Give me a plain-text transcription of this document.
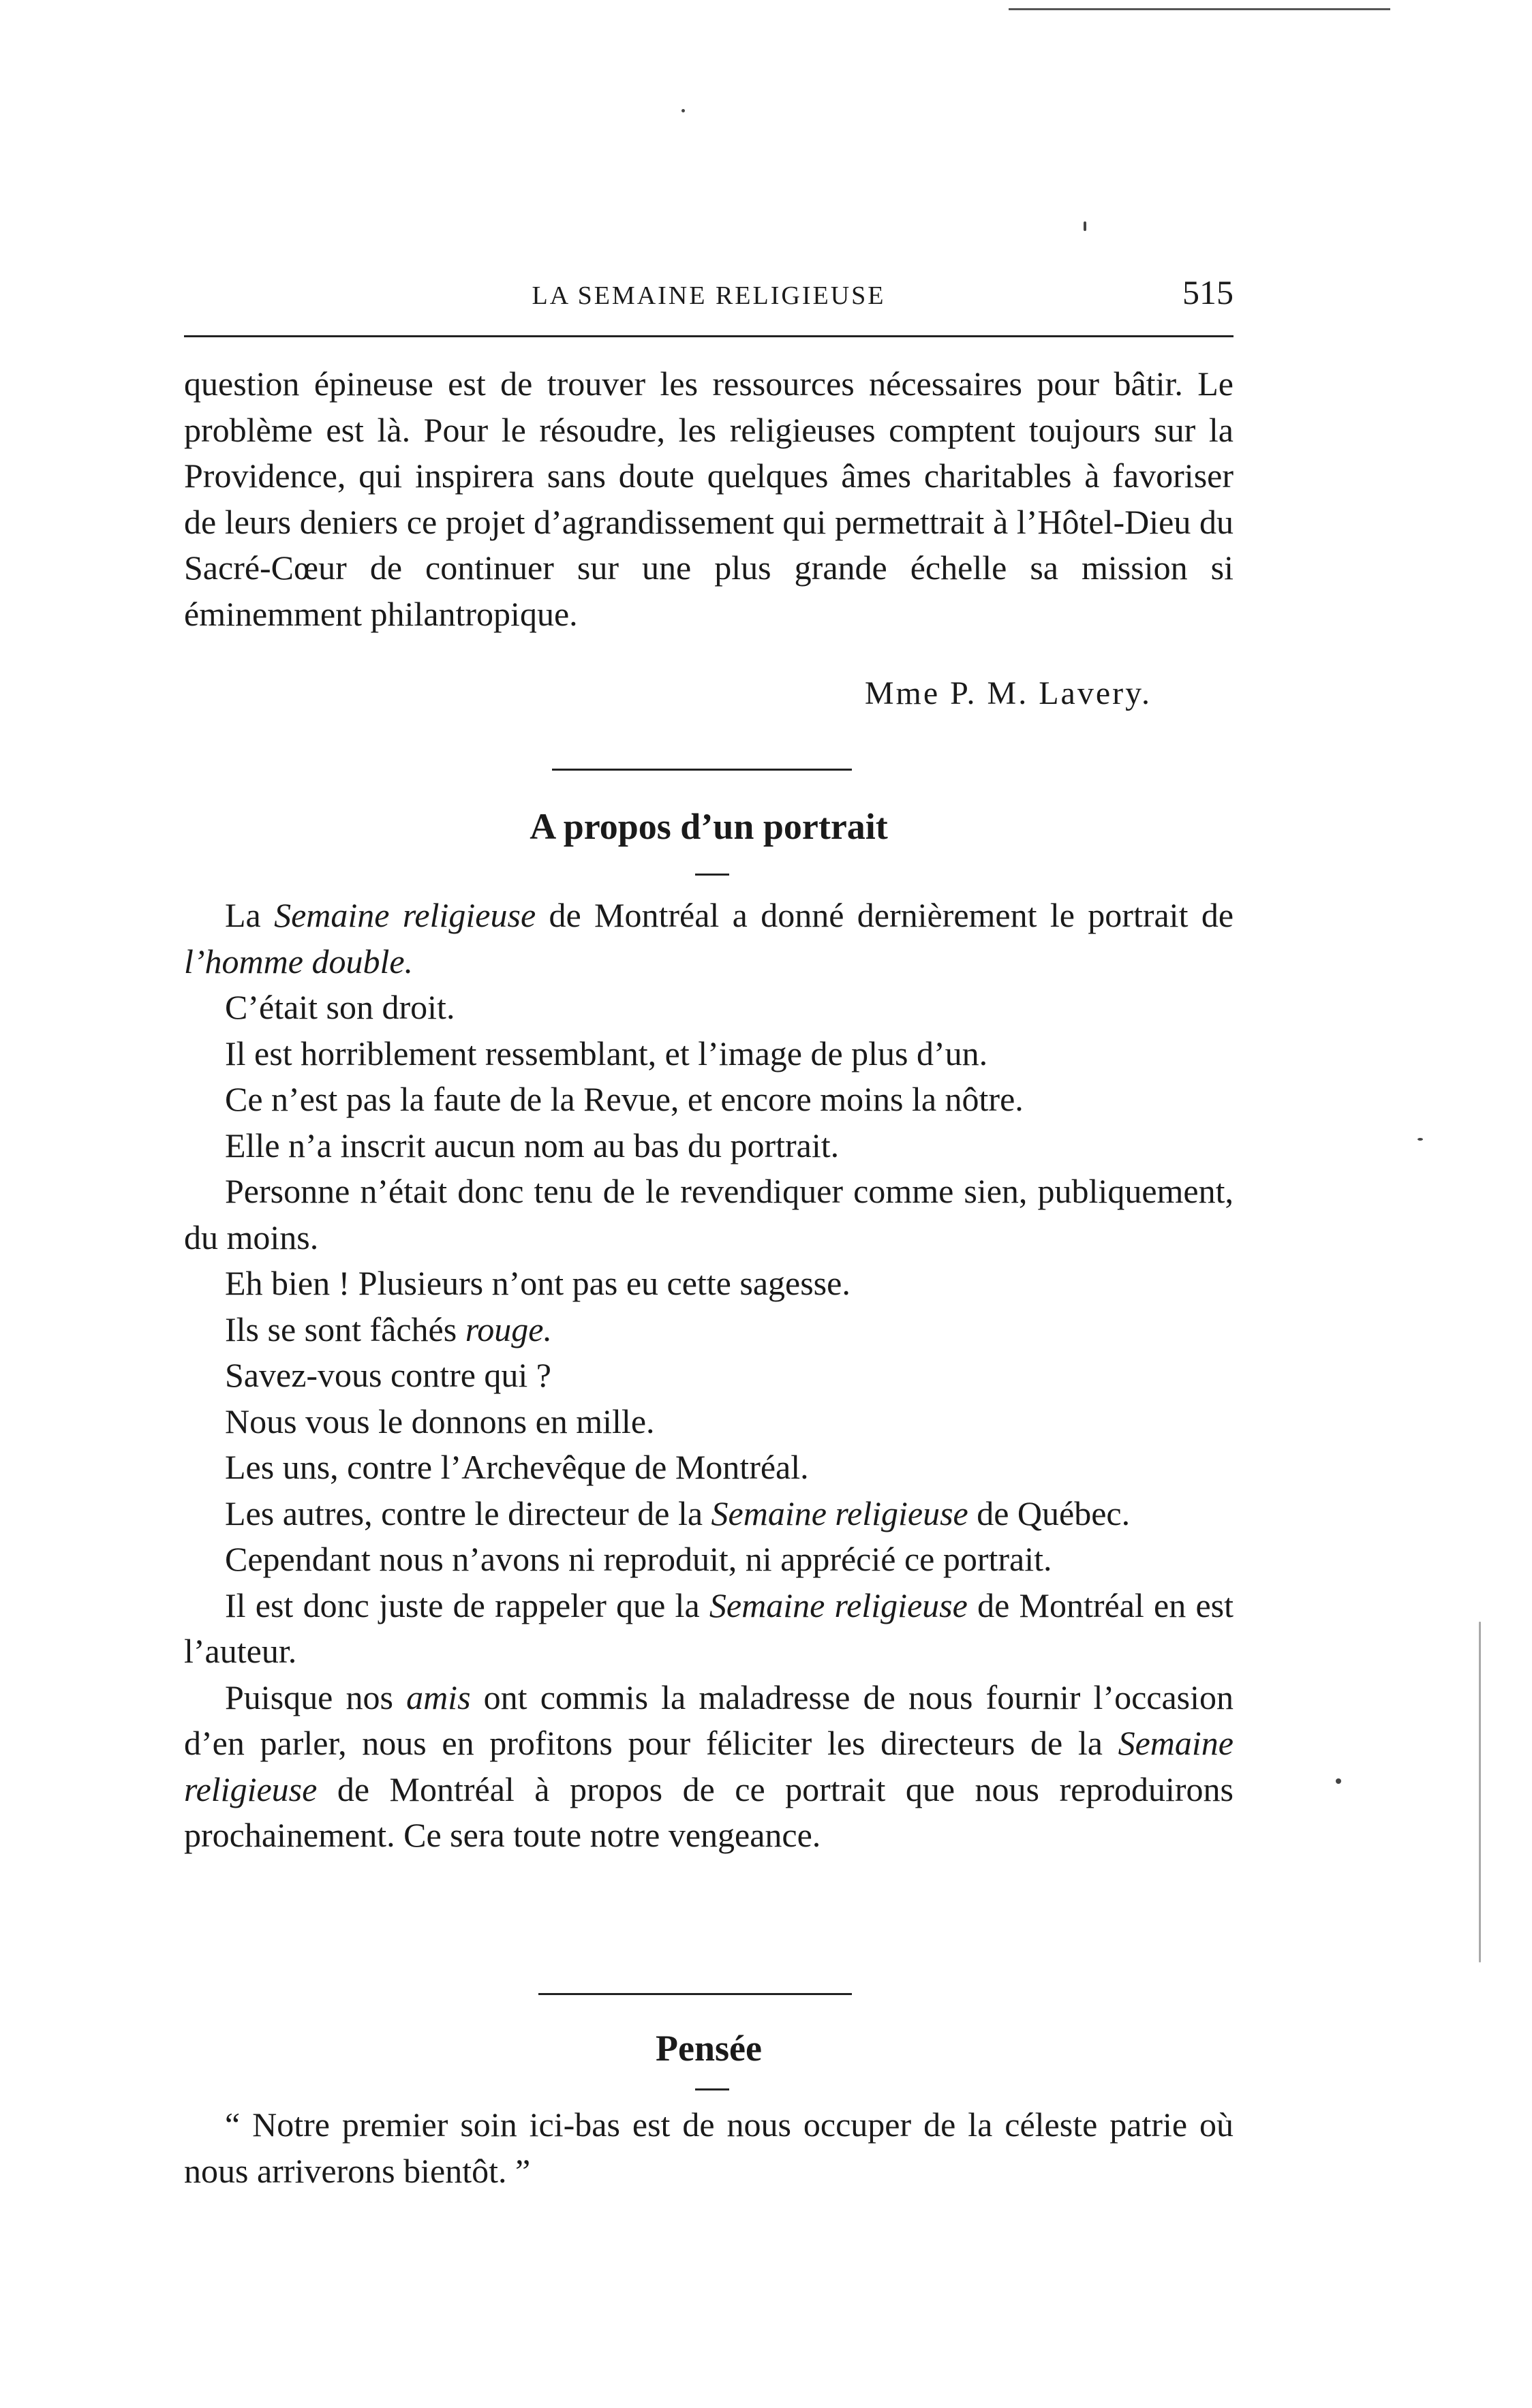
LA SEMAINE RELIGIEUSE	515

question épineuse est de trouver les ressources nécessaires pour bâtir. Le problème est là. Pour le résoudre, les religieuses comptent toujours sur la Providence, qui inspirera sans doute quelques âmes charitables à favoriser de leurs deniers ce projet d’agrandissement qui permettrait à l’Hôtel-Dieu du Sacré-Cœur de continuer sur une plus grande échelle sa mission si éminemment philantropique.

Mme P. M. Lavery.
A propos d’un portrait

La Semaine religieuse de Montréal a donné dernièrement le portrait de l’homme double.

C’était son droit.

Il est horriblement ressemblant, et l’image de plus d’un.

Ce n’est pas la faute de la Revue, et encore moins la nôtre.

Elle n’a inscrit aucun nom au bas du portrait.

Personne n’était donc tenu de le revendiquer comme sien, publiquement, du moins.

Eh bien ! Plusieurs n’ont pas eu cette sagesse.

Ils se sont fâchés rouge.

Savez-vous contre qui ?

Nous vous le donnons en mille.

Les uns, contre l’Archevêque de Montréal.

Les autres, contre le directeur de la Semaine religieuse de Québec.

Cependant nous n’avons ni reproduit, ni apprécié ce portrait.

Il est donc juste de rappeler que la Semaine religieuse de Montréal en est l’auteur.

Puisque nos amis ont commis la maladresse de nous fournir l’occasion d’en parler, nous en profitons pour féliciter les directeurs de la Semaine religieuse de Montréal à propos de ce portrait que nous reproduirons prochainement. Ce sera toute notre vengeance.

Pensée

“ Notre premier soin ici-bas est de nous occuper de la céleste patrie où nous arriverons bientôt. ”
